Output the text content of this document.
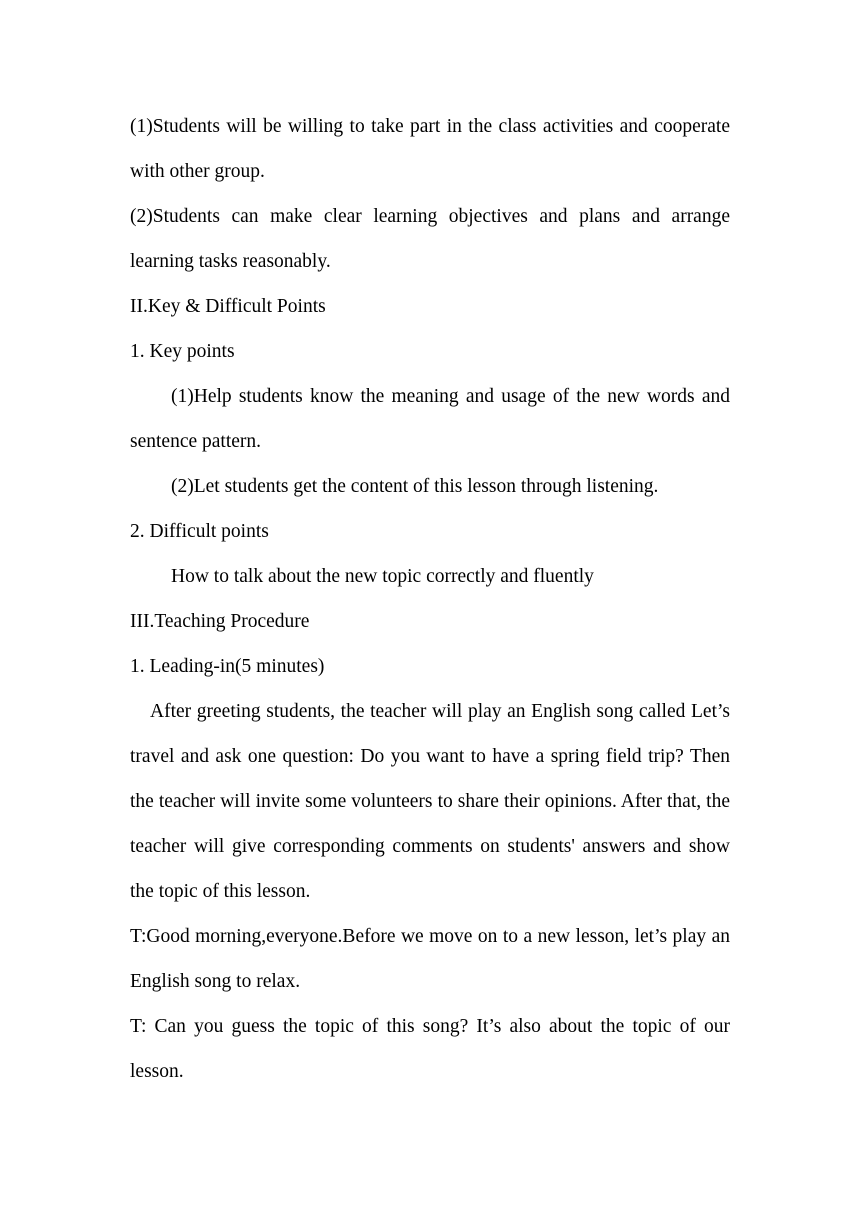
(1)Students will be willing to take part in the class activities and cooperate with other group.

(2)Students can make clear learning objectives and plans and arrange learning tasks reasonably.

II.Key & Difficult Points

1. Key points

(1)Help students know the meaning and usage of the new words and sentence pattern.

(2)Let students get the content of this lesson through listening.

2. Difficult points

How to talk about the new topic correctly and fluently

III.Teaching Procedure

1. Leading-in(5 minutes)

After greeting students, the teacher will play an English song called Let’s travel and ask one question: Do you want to have a spring field trip? Then the teacher will invite some volunteers to share their opinions. After that, the teacher will give corresponding comments on students' answers and show the topic of this lesson.

T:Good morning,everyone.Before we move on to a new lesson, let’s play an English song to relax.

T: Can you guess the topic of this song? It’s also about the topic of our lesson.
